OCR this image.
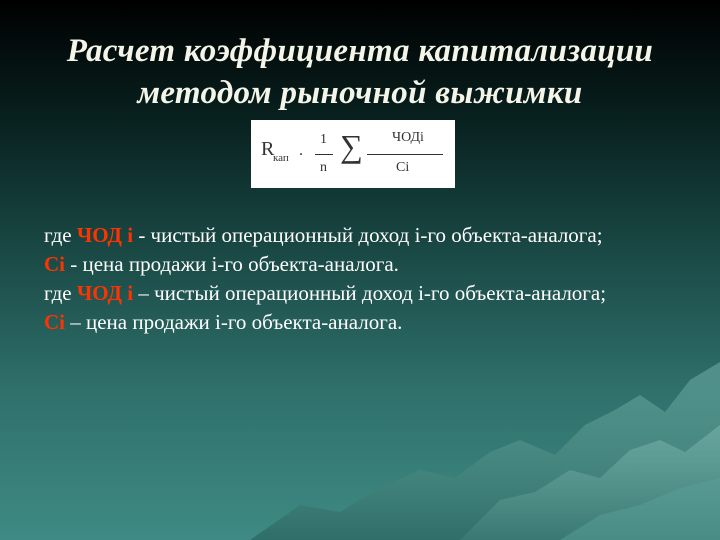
Расчет коэффициента капитализации
методом рыночной выжимки
R
кап .
1
n
∑ ЧОДi
Ci

где ЧОД i - чистый операционный доход i-го объекта-аналога;

Ci - цена продажи i-го объекта-аналога.

где ЧОД i – чистый операционный доход i-го объекта-аналога;

Ci – цена продажи i-го объекта-аналога.
